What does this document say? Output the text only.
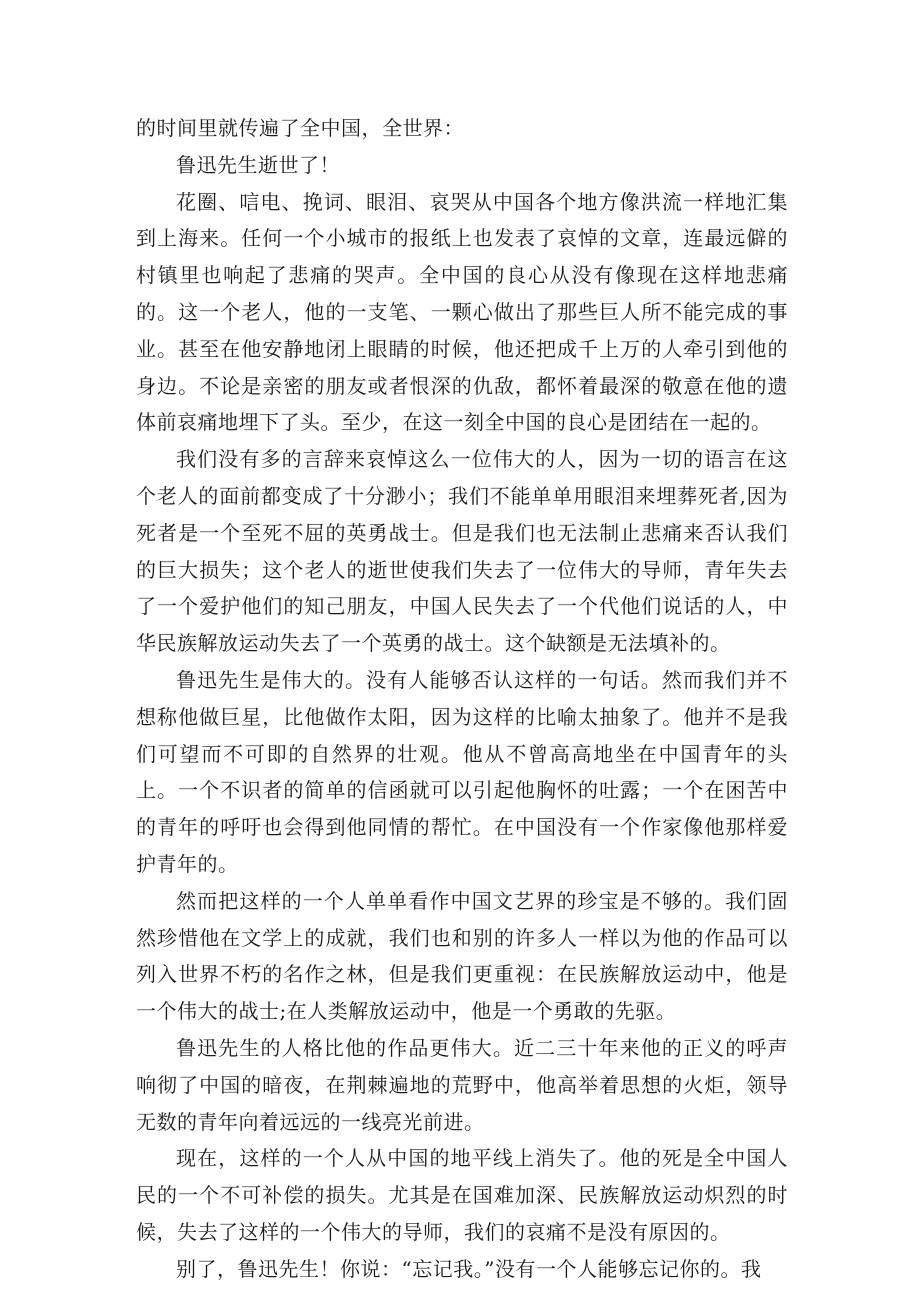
的时间里就传遍了全中国，全世界：

鲁迅先生逝世了！

花圈、唁电、挽词、眼泪、哀哭从中国各个地方像洪流一样地汇集到上海来。任何一个小城市的报纸上也发表了哀悼的文章，连最远僻的村镇里也响起了悲痛的哭声。全中国的良心从没有像现在这样地悲痛的。这一个老人，他的一支笔、一颗心做出了那些巨人所不能完成的事业。甚至在他安静地闭上眼睛的时候，他还把成千上万的人牵引到他的身边。不论是亲密的朋友或者恨深的仇敌，都怀着最深的敬意在他的遗体前哀痛地埋下了头。至少，在这一刻全中国的良心是团结在一起的。

我们没有多的言辞来哀悼这么一位伟大的人，因为一切的语言在这个老人的面前都变成了十分渺小；我们不能单单用眼泪来埋葬死者,因为死者是一个至死不屈的英勇战士。但是我们也无法制止悲痛来否认我们的巨大损失；这个老人的逝世使我们失去了一位伟大的导师，青年失去了一个爱护他们的知己朋友，中国人民失去了一个代他们说话的人，中华民族解放运动失去了一个英勇的战士。这个缺额是无法填补的。

鲁迅先生是伟大的。没有人能够否认这样的一句话。然而我们并不想称他做巨星，比他做作太阳，因为这样的比喻太抽象了。他并不是我们可望而不可即的自然界的壮观。他从不曾高高地坐在中国青年的头上。一个不识者的简单的信函就可以引起他胸怀的吐露；一个在困苦中的青年的呼吁也会得到他同情的帮忙。在中国没有一个作家像他那样爱护青年的。

然而把这样的一个人单单看作中国文艺界的珍宝是不够的。我们固然珍惜他在文学上的成就，我们也和别的许多人一样以为他的作品可以列入世界不朽的名作之林，但是我们更重视：在民族解放运动中，他是一个伟大的战士;在人类解放运动中，他是一个勇敢的先驱。

鲁迅先生的人格比他的作品更伟大。近二三十年来他的正义的呼声响彻了中国的暗夜，在荆棘遍地的荒野中，他高举着思想的火炬，领导无数的青年向着远远的一线亮光前进。

现在，这样的一个人从中国的地平线上消失了。他的死是全中国人民的一个不可补偿的损失。尤其是在国难加深、民族解放运动炽烈的时候，失去了这样的一个伟大的导师，我们的哀痛不是没有原因的。

别了，鲁迅先生！你说：“忘记我。”没有一个人能够忘记你的。我
